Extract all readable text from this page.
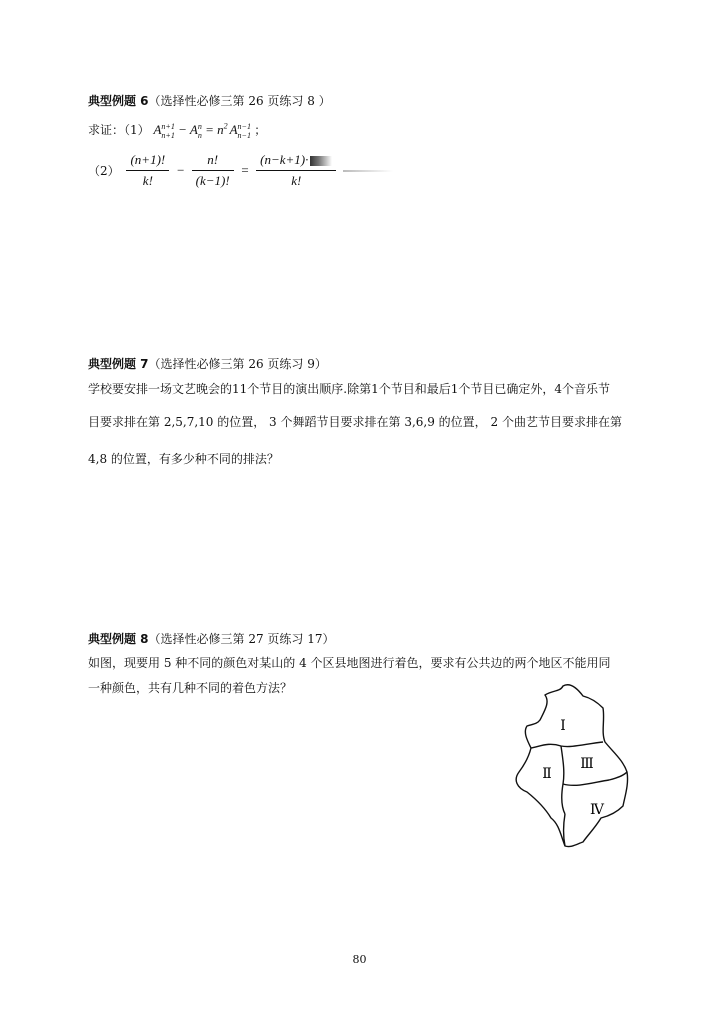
典型例题 6（选择性必修三第 26 页练习 8 ）
求证：（1） A n+1
n+1 − A n
$n = n^2$ A n−1
n−1 ；
$(2) \frac{(n+1)!}{k!} - \frac{n!}{(k-1)!} = \frac{(n-k+1)\cdot}{k!}$

典型例题 7（选择性必修三第 26 页练习 9）
学校要安排一场文艺晚会的11个节目的演出顺序.除第1个节目和最后1个节目已确定外，4个音乐节
目要求排在第 2,5,7,10 的位置， 3 个舞蹈节目要求排在第 3,6,9 的位置， 2 个曲艺节目要求排在第
4,8 的位置，有多少种不同的排法？
典型例题 8（选择性必修三第 27 页练习 17）
如图，现要用 5 种不同的颜色对某山的 4 个区县地图进行着色，要求有公共边的两个地区不能用同
一种颜色，共有几种不同的着色方法？
Ⅰ
Ⅱ
Ⅲ
Ⅳ
80
